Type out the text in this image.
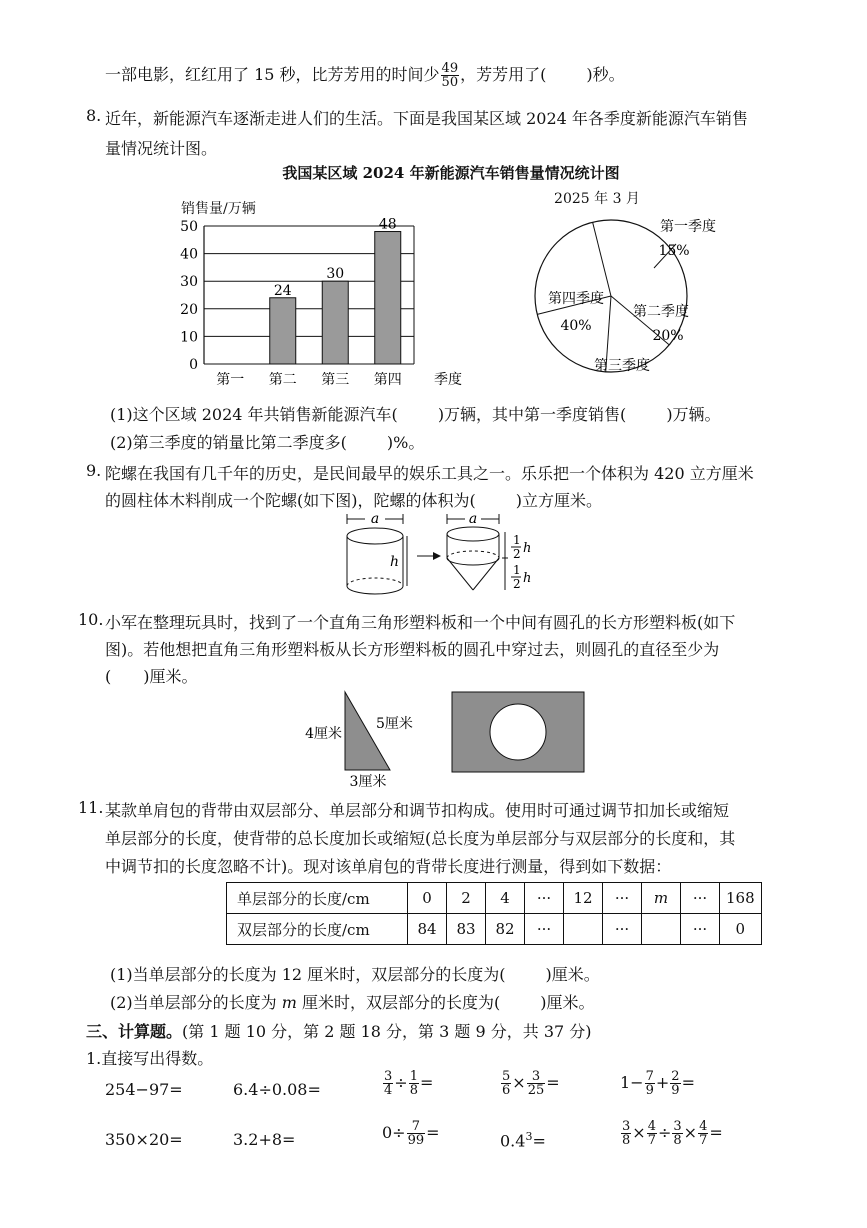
一部电影，红红用了 15 秒，比芳芳用的时间少 $\frac{49}{50}$ ，芳芳用了(	)秒。
8. 近年，新能源汽车逐渐走进人们的生活。下面是我国某区域 2024 年各季度新能源汽车销售
量情况统计图。
我国某区域 2024 年新能源汽车销售量情况统计图
销售量/万辆
2025 年 3 月
0
10
20
30
40
50
第一
24
第二
30
第三
48
第四 季度
第一季度
15%
第二季度
20%
第三季度
第四季度
40%
(1)这个区域 2024 年共销售新能源汽车(	)万辆，其中第一季度销售(	)万辆。
(2)第三季度的销量比第二季度多(	)%。
9. 陀螺在我国有几千年的历史，是民间最早的娱乐工具之一。乐乐把一个体积为 420 立方厘米
的圆柱体木料削成一个陀螺(如下图)，陀螺的体积为(	)立方厘米。
a
h
a
1
2 h
1
2 h
10. 小军在整理玩具时，找到了一个直角三角形塑料板和一个中间有圆孔的长方形塑料板(如下
图)。若他想把直角三角形塑料板从长方形塑料板的圆孔中穿过去，则圆孔的直径至少为
( )厘米。
4厘米
5厘米
3厘米
11. 某款单肩包的背带由双层部分、单层部分和调节扣构成。使用时可通过调节扣加长或缩短
单层部分的长度，使背带的总长度加长或缩短(总长度为单层部分与双层部分的长度和，其
中调节扣的长度忽略不计)。现对该单肩包的背带长度进行测量，得到如下数据：
单层部分的长度/cm	0	2	4	···	12	···	m	···	168
双层部分的长度/cm	84	83	82	···		···		···	0
(1)当单层部分的长度为 12 厘米时，双层部分的长度为(	)厘米。
(2)当单层部分的长度为 m 厘米时，双层部分的长度为(	)厘米。
三、计算题。(第 1 题 10 分，第 2 题 18 分，第 3 题 9 分，共 37 分)
1.直接写出得数。
254−97=	6.4÷0.08=	$\frac{3}{4} \div \frac{1}{8}$ =	$\frac{5}{6} \times \frac{3}{25}$ =	$1- \frac{7}{9} + \frac{2}{9}$ =
350×20=	3.2+8=	$0\div \frac{7}{99}$ =	$0.4^3=$	$\frac{3}{8} \times \frac{4}{7} \div \frac{3}{8} \times \frac{4}{7}$ =
